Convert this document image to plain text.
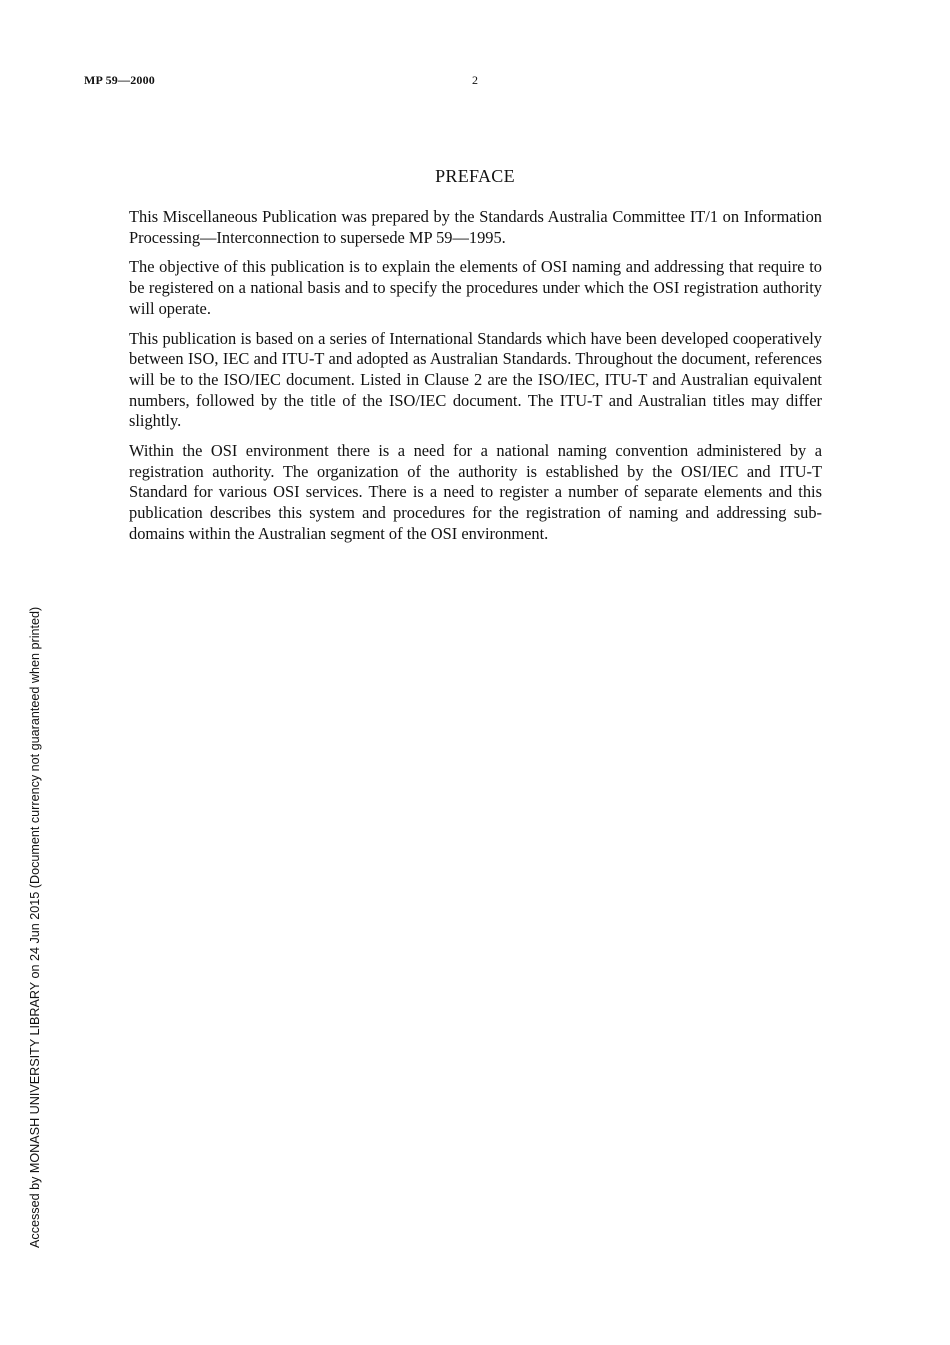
MP 59—2000	2
PREFACE

This Miscellaneous Publication was prepared by the Standards Australia Committee IT/1 on Information Processing—Interconnection to supersede MP 59—1995.

The objective of this publication is to explain the elements of OSI naming and addressing that require to be registered on a national basis and to specify the procedures under which the OSI registration authority will operate.

This publication is based on a series of International Standards which have been developed cooperatively between ISO, IEC and ITU-T and adopted as Australian Standards. Throughout the document, references will be to the ISO/IEC document. Listed in Clause 2 are the ISO/IEC, ITU-T and Australian equivalent numbers, followed by the title of the ISO/IEC document. The ITU-T and Australian titles may differ slightly.

Within the OSI environment there is a need for a national naming convention administered by a registration authority. The organization of the authority is established by the OSI/IEC and ITU-T Standard for various OSI services. There is a need to register a number of separate elements and this publication describes this system and procedures for the registration of naming and addressing sub-domains within the Australian segment of the OSI environment.

Accessed by MONASH UNIVERSITY LIBRARY on 24 Jun 2015 (Document currency not guaranteed when printed)
